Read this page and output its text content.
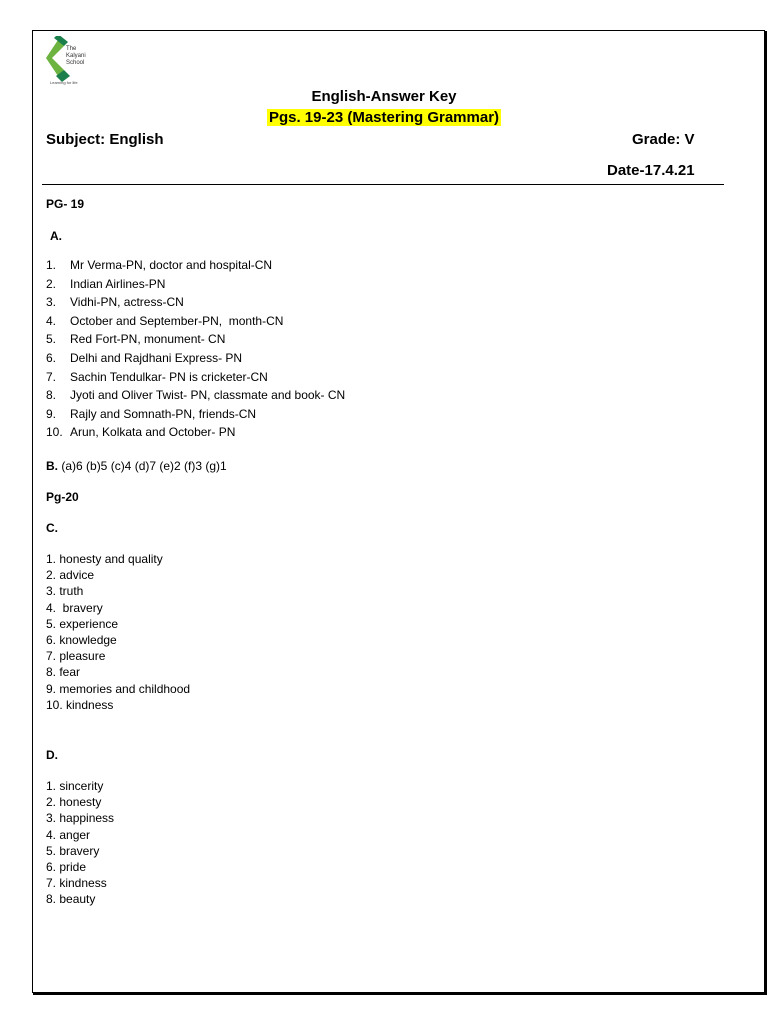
The
Kalyani
School
Learning for life
English-Answer Key
Pgs. 19-23 (Mastering Grammar)
Subject: English	Grade: V
Date-17.4.21
PG- 19
A.
1. Mr Verma-PN, doctor and hospital-CN
2. Indian Airlines-PN
3. Vidhi-PN, actress-CN
4. October and September-PN,  month-CN
5. Red Fort-PN, monument- CN
6. Delhi and Rajdhani Express- PN
7. Sachin Tendulkar- PN is cricketer-CN
8. Jyoti and Oliver Twist- PN, classmate and book- CN
9. Rajly and Somnath-PN, friends-CN
10. Arun, Kolkata and October- PN
B. (a)6 (b)5 (c)4 (d)7 (e)2 (f)3 (g)1
Pg-20
C.
1. honesty and quality
2. advice
3. truth
4.  bravery
5. experience
6. knowledge
7. pleasure
8. fear
9. memories and childhood
10. kindness
D.
1. sincerity
2. honesty
3. happiness
4. anger
5. bravery
6. pride
7. kindness
8. beauty
